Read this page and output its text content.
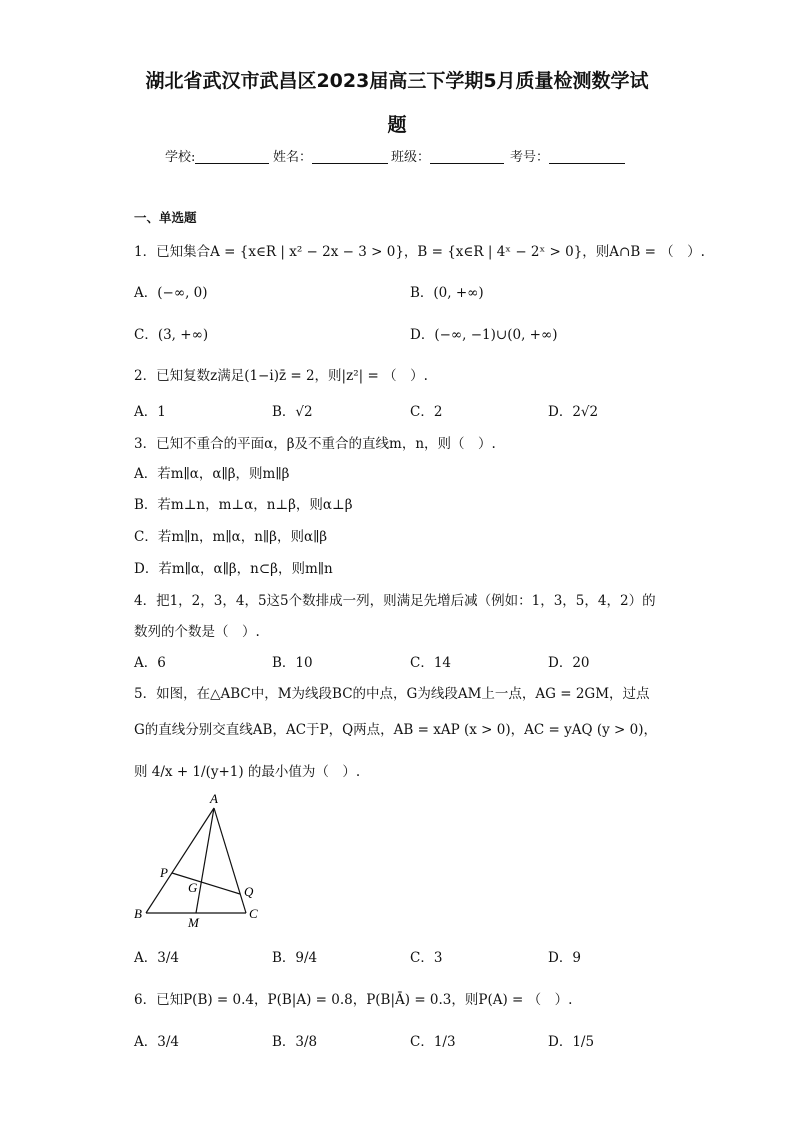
湖北省武汉市武昌区2023届高三下学期5月质量检测数学试
题
学校:	姓名：	班级：	考号：
一、单选题
1．已知集合A = {x∈R | x² − 2x − 3 > 0}，B = {x∈R | 4ˣ − 2ˣ > 0}，则A∩B = （　）.
A．(−∞, 0)	B．(0, +∞)
C．(3, +∞)	D．(−∞, −1)∪(0, +∞)
2．已知复数z满足(1−i)z̄ = 2，则|z²| = （　）.
A．1	B．√2	C．2	D．2√2
3．已知不重合的平面α，β及不重合的直线m，n，则（　）.
A．若m∥α，α∥β，则m∥β
B．若m⊥n，m⊥α，n⊥β，则α⊥β
C．若m∥n，m∥α，n∥β，则α∥β
D．若m∥α，α∥β，n⊂β，则m∥n
4．把1，2，3，4，5这5个数排成一列，则满足先增后减（例如：1，3，5，4，2）的
数列的个数是（　）.
A．6	B．10	C．14	D．20
5．如图，在△ABC中，M为线段BC的中点，G为线段AM上一点，AG = 2GM，过点
G的直线分别交直线AB，AC于P，Q两点，AB = xAP (x > 0)，AC = yAQ (y > 0)，
则 4/x + 1/(y+1) 的最小值为（　）.
A
P
G	Q
B
M
C
A．3/4	B．9/4	C．3	D．9
6．已知P(B) = 0.4，P(B|A) = 0.8，P(B|Ā) = 0.3，则P(A) = （　）.
A．3/4	B．3/8	C．1/3	D．1/5
